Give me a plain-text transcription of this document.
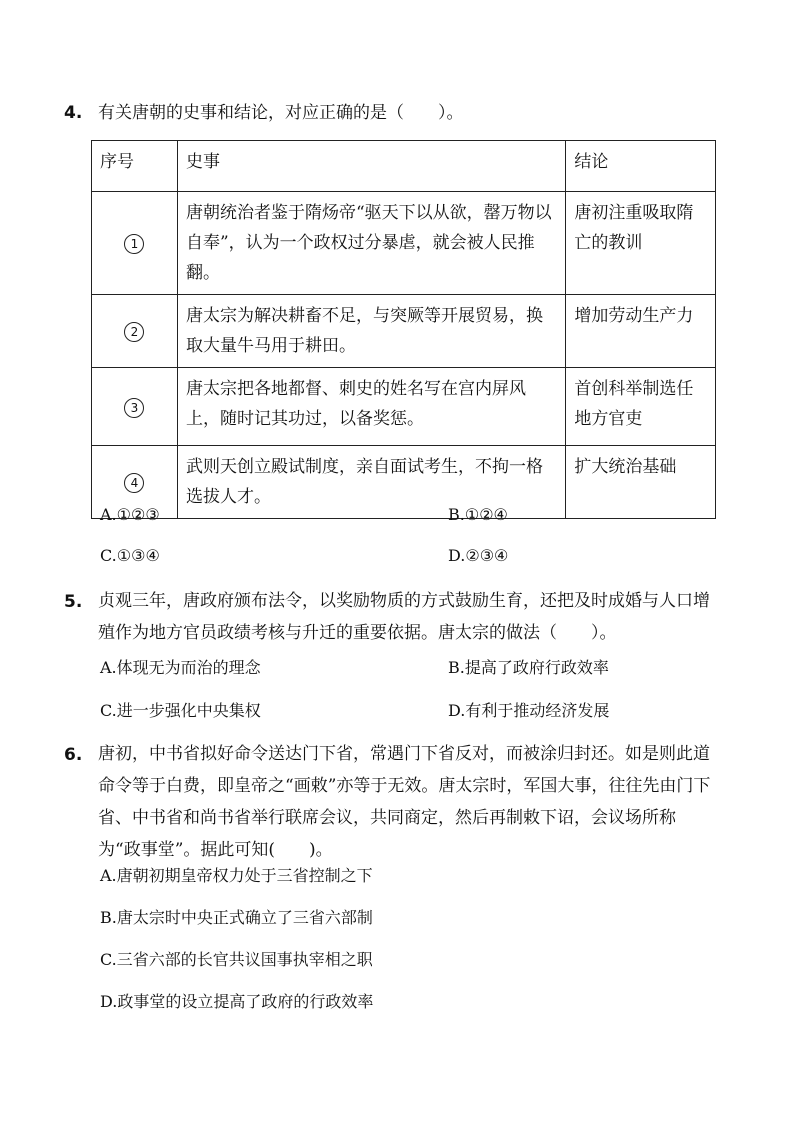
4. 有关唐朝的史事和结论，对应正确的是（　　）。
序号	史事	结论
1	唐朝统治者鉴于隋炀帝“驱天下以从欲，罄万物以自奉”，认为一个政权过分暴虐，就会被人民推翻。	唐初注重吸取隋亡的教训
2	唐太宗为解决耕畜不足，与突厥等开展贸易，换取大量牛马用于耕田。	增加劳动生产力
3	唐太宗把各地都督、刺史的姓名写在宫内屏风上，随时记其功过，以备奖惩。	首创科举制选任地方官吏
4	武则天创立殿试制度，亲自面试考生，不拘一格选拔人才。	扩大统治基础
A.①②③	B.①②④
C.①③④	D.②③④
5. 贞观三年，唐政府颁布法令，以奖励物质的方式鼓励生育，还把及时成婚与人口增殖作为地方官员政绩考核与升迁的重要依据。唐太宗的做法（　　）。
A.体现无为而治的理念	B.提高了政府行政效率
C.进一步强化中央集权	D.有利于推动经济发展
6. 唐初，中书省拟好命令送达门下省，常遇门下省反对，而被涂归封还。如是则此道命令等于白费，即皇帝之“画敕”亦等于无效。唐太宗时，军国大事，往往先由门下省、中书省和尚书省举行联席会议，共同商定，然后再制敕下诏，会议场所称为“政事堂”。据此可知(　　)。
A.唐朝初期皇帝权力处于三省控制之下
B.唐太宗时中央正式确立了三省六部制
C.三省六部的长官共议国事执宰相之职
D.政事堂的设立提高了政府的行政效率
